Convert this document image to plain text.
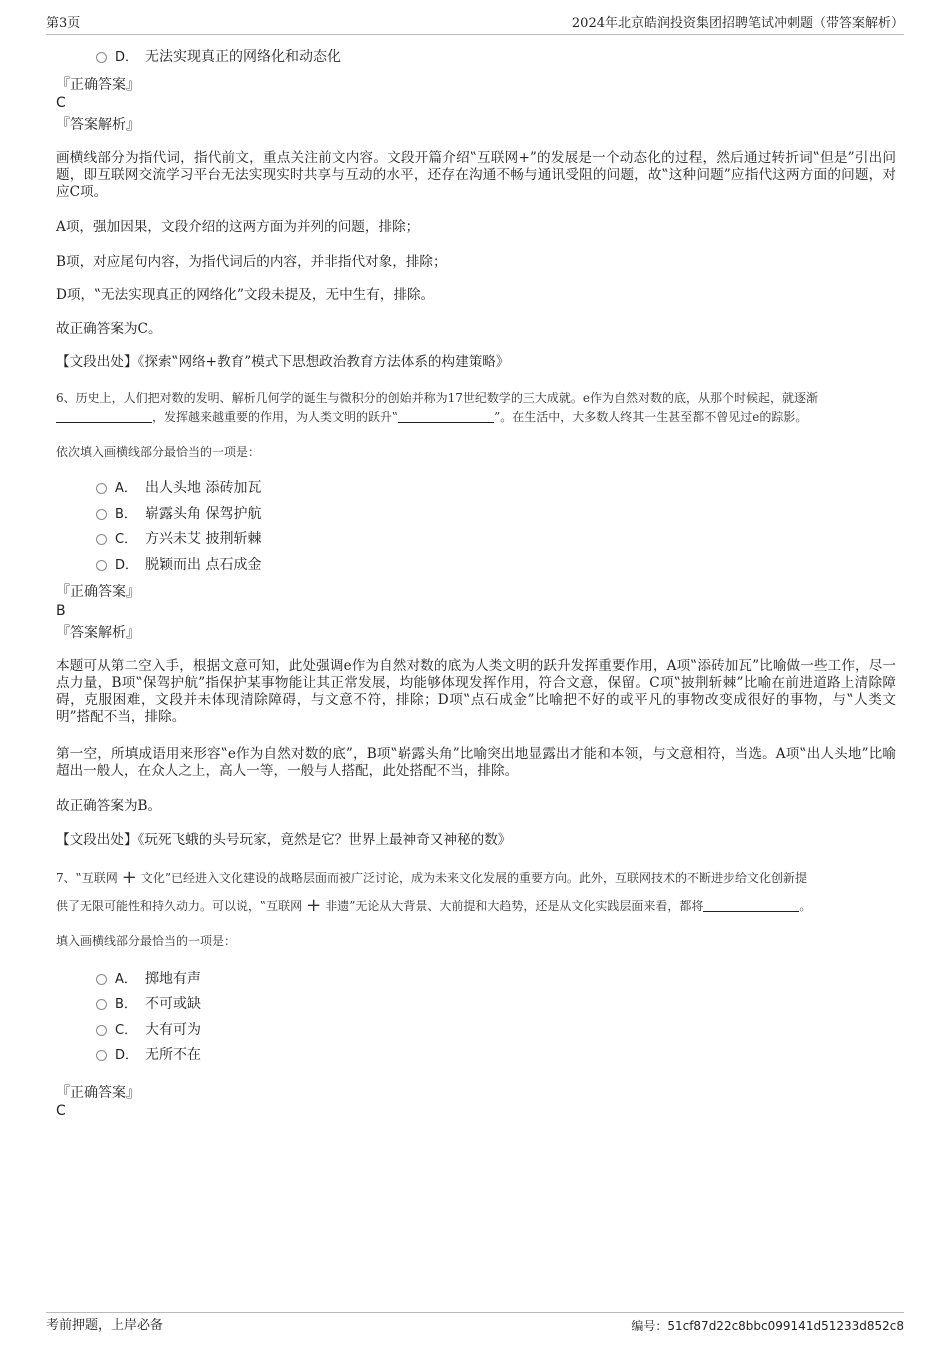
第3页	2024年北京皓润投资集团招聘笔试冲刺题（带答案解析）
D． 无法实现真正的网络化和动态化
『正确答案』
C
『答案解析』
画横线部分为指代词，指代前文，重点关注前文内容。文段开篇介绍‟互联网+”的发展是一个动态化的过程，然后通过转折词‟但是”引出问题，即互联网交流学习平台无法实现实时共享与互动的水平，还存在沟通不畅与通讯受阻的问题，故‟这种问题”应指代这两方面的问题，对应C项。
A项，强加因果，文段介绍的这两方面为并列的问题，排除；
B项，对应尾句内容，为指代词后的内容，并非指代对象，排除；
D项，‟无法实现真正的网络化”文段未提及，无中生有，排除。
故正确答案为C。
【文段出处】《探索‟网络+教育”模式下思想政治教育方法体系的构建策略》
6、历史上，人们把对数的发明、解析几何学的诞生与微积分的创始并称为17世纪数学的三大成就。e作为自然对数的底，从那个时候起，就逐渐，发挥越来越重要的作用，为人类文明的跃升‟	”。在生活中，大多数人终其一生甚至都不曾见过e的踪影。
依次填入画横线部分最恰当的一项是：
A． 出人头地 添砖加瓦
B． 崭露头角 保驾护航
C． 方兴未艾 披荆斩棘
D． 脱颖而出 点石成金
『正确答案』
B
『答案解析』
本题可从第二空入手，根据文意可知，此处强调e作为自然对数的底为人类文明的跃升发挥重要作用，A项‟添砖加瓦”比喻做一些工作，尽一点力量，B项‟保驾护航”指保护某事物能让其正常发展，均能够体现发挥作用，符合文意，保留。C项‟披荆斩棘”比喻在前进道路上清除障碍，克服困难，文段并未体现清除障碍，与文意不符，排除；D项‟点石成金”比喻把不好的或平凡的事物改变成很好的事物，与‟人类文明”搭配不当，排除。
第一空，所填成语用来形容‟e作为自然对数的底”，B项‟崭露头角”比喻突出地显露出才能和本领，与文意相符，当选。A项‟出人头地”比喻超出一般人，在众人之上，高人一等，一般与人搭配，此处搭配不当，排除。
故正确答案为B。
【文段出处】《玩死飞蛾的头号玩家，竟然是它？世界上最神奇又神秘的数》
7、‟互联网 + 文化”已经进入文化建设的战略层面而被广泛讨论，成为未来文化发展的重要方向。此外，互联网技术的不断进步给文化创新提
供了无限可能性和持久动力。可以说，‟互联网 + 非遗”无论从大背景、大前提和大趋势，还是从文化实践层面来看，都将	。
填入画横线部分最恰当的一项是：
A． 掷地有声
B． 不可或缺
C． 大有可为
D． 无所不在
『正确答案』
C
考前押题，上岸必备	编号：51cf87d22c8bbc099141d51233d852c8
